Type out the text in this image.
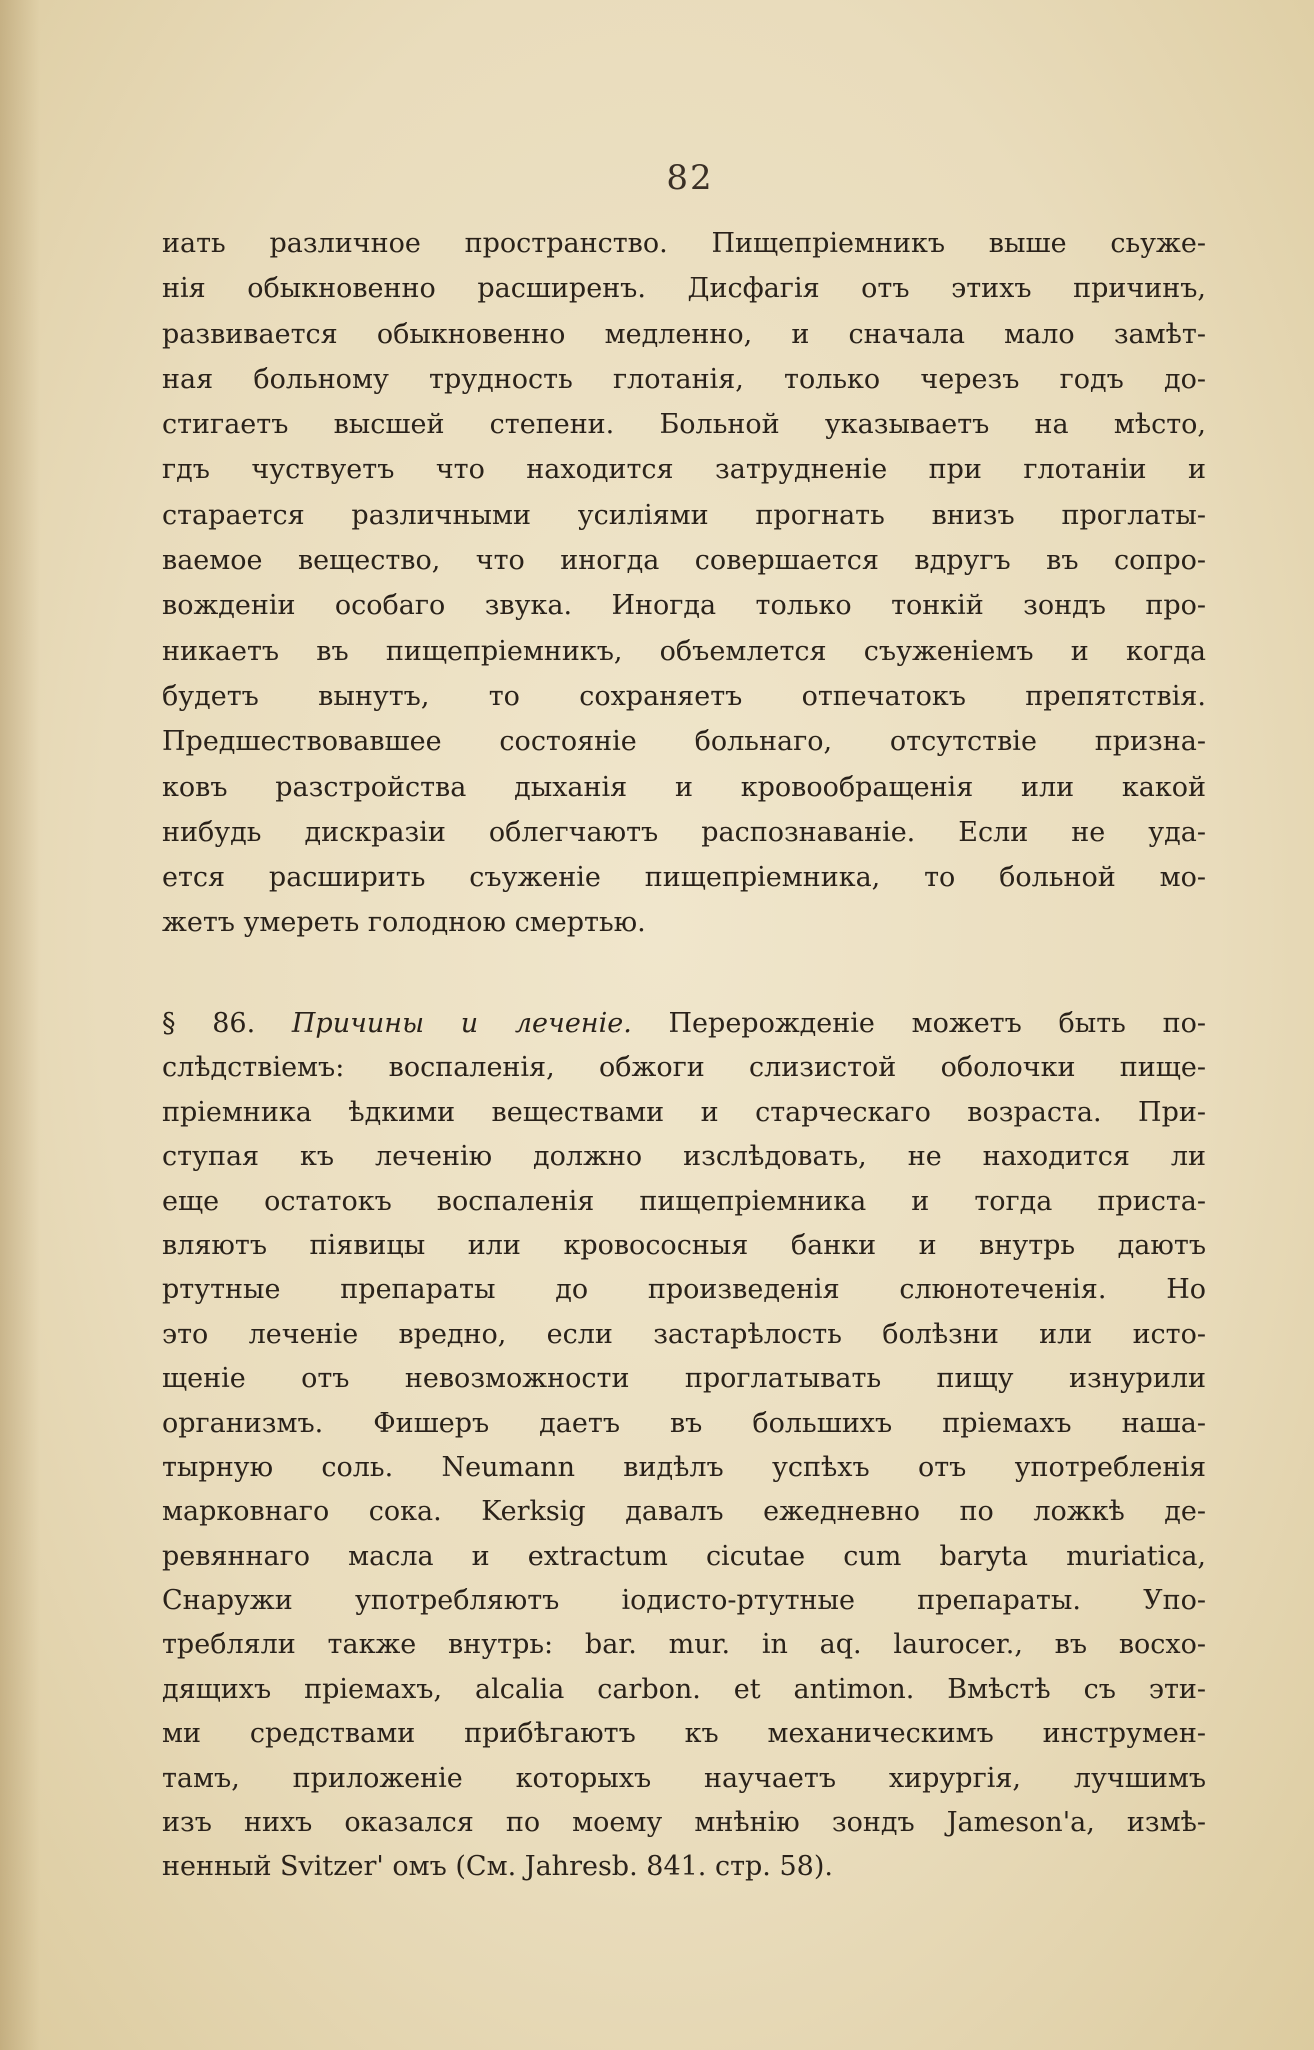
82
иать различное пространство. Пищепріемникъ выше сьуже-
нія обыкновенно расширенъ. Дисфагія отъ этихъ причинъ,
развивается обыкновенно медленно, и сначала мало замѣт-
ная больному трудность глотанія, только черезъ годъ до-
стигаетъ высшей степени. Больной указываетъ на мѣсто,
гдъ чуствуетъ что находится затрудненіе при глотаніи и
старается различными усиліями прогнать внизъ проглаты-
ваемое вещество, что иногда совершается вдругъ въ сопро-
вожденіи особаго звука. Иногда только тонкій зондъ про-
никаетъ въ пищепріемникъ, объемлется съуженіемъ и когда
будетъ вынутъ, то сохраняетъ отпечатокъ препятствія.
Предшествовавшее состояніе больнаго, отсутствіе призна-
ковъ разстройства дыханія и кровообращенія или какой
нибудь дискразіи облегчаютъ распознаваніе. Если не уда-
ется расширить съуженіе пищепріемника, то больной мо-
жетъ умереть голодною смертью.
§ 86. Причины и леченіе. Перерожденіе можетъ быть по-
слѣдствіемъ: воспаленія, обжоги слизистой оболочки пище-
пріемника ѣдкими веществами и старческаго возраста. При-
ступая къ леченію должно изслѣдовать, не находится ли
еще остатокъ воспаленія пищепріемника и тогда приста-
вляютъ піявицы или кровососныя банки и внутрь даютъ
ртутные препараты до произведенія слюнотеченія. Но
это леченіе вредно, если застарѣлость болѣзни или исто-
щеніе отъ невозможности проглатывать пищу изнурили
организмъ. Фишеръ даетъ въ большихъ пріемахъ наша-
тырную соль. Neumann видѣлъ успѣхъ отъ употребленія
марковнаго сока. Kerksig давалъ ежедневно по ложкѣ де-
ревяннаго масла и extractum cicutae cum baryta muriatica,
Снаружи употребляютъ іодисто-ртутные препараты. Упо-
требляли также внутрь: bar. mur. in aq. laurocer., въ восхо-
дящихъ пріемахъ, alcalia carbon. et antimon. Вмѣстѣ съ эти-
ми средствами прибѣгаютъ къ механическимъ инструмен-
тамъ, приложеніе которыхъ научаетъ хирургія, лучшимъ
изъ нихъ оказался по моему мнѣнію зондъ Jameson'a, измѣ-
ненный Svitzer' омъ (См. Jahresb. 841. стр. 58).
